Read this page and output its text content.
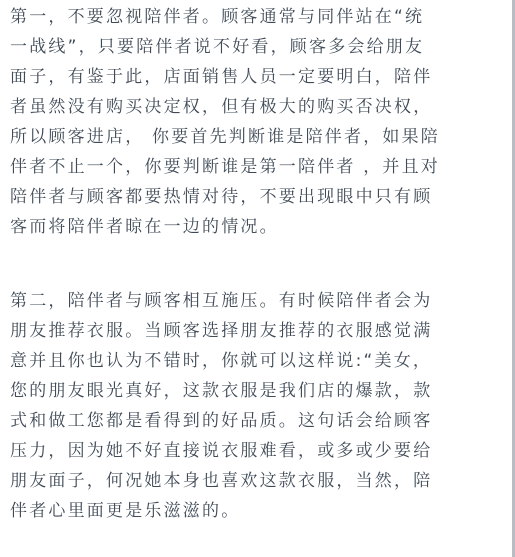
第一，不要忽视陪伴者。顾客通常与同伴站在“统
一战线”，只要陪伴者说不好看，顾客多会给朋友
面子，有鉴于此，店面销售人员一定要明白，陪伴
者虽然没有购买决定权，但有极大的购买否决权，
所以顾客进店， 你要首先判断谁是陪伴者，如果陪
伴者不止一个，你要判断谁是第一陪伴者 ，并且对
陪伴者与顾客都要热情对待，不要出现眼中只有顾
客而将陪伴者晾在一边的情况。
第二，陪伴者与顾客相互施压。有时候陪伴者会为
朋友推荐衣服。当顾客选择朋友推荐的衣服感觉满
意并且你也认为不错时，你就可以这样说:“美女，
您的朋友眼光真好，这款衣服是我们店的爆款，款
式和做工您都是看得到的好品质。这句话会给顾客
压力，因为她不好直接说衣服难看，或多或少要给
朋友面子，何况她本身也喜欢这款衣服，当然，陪
伴者心里面更是乐滋滋的。
